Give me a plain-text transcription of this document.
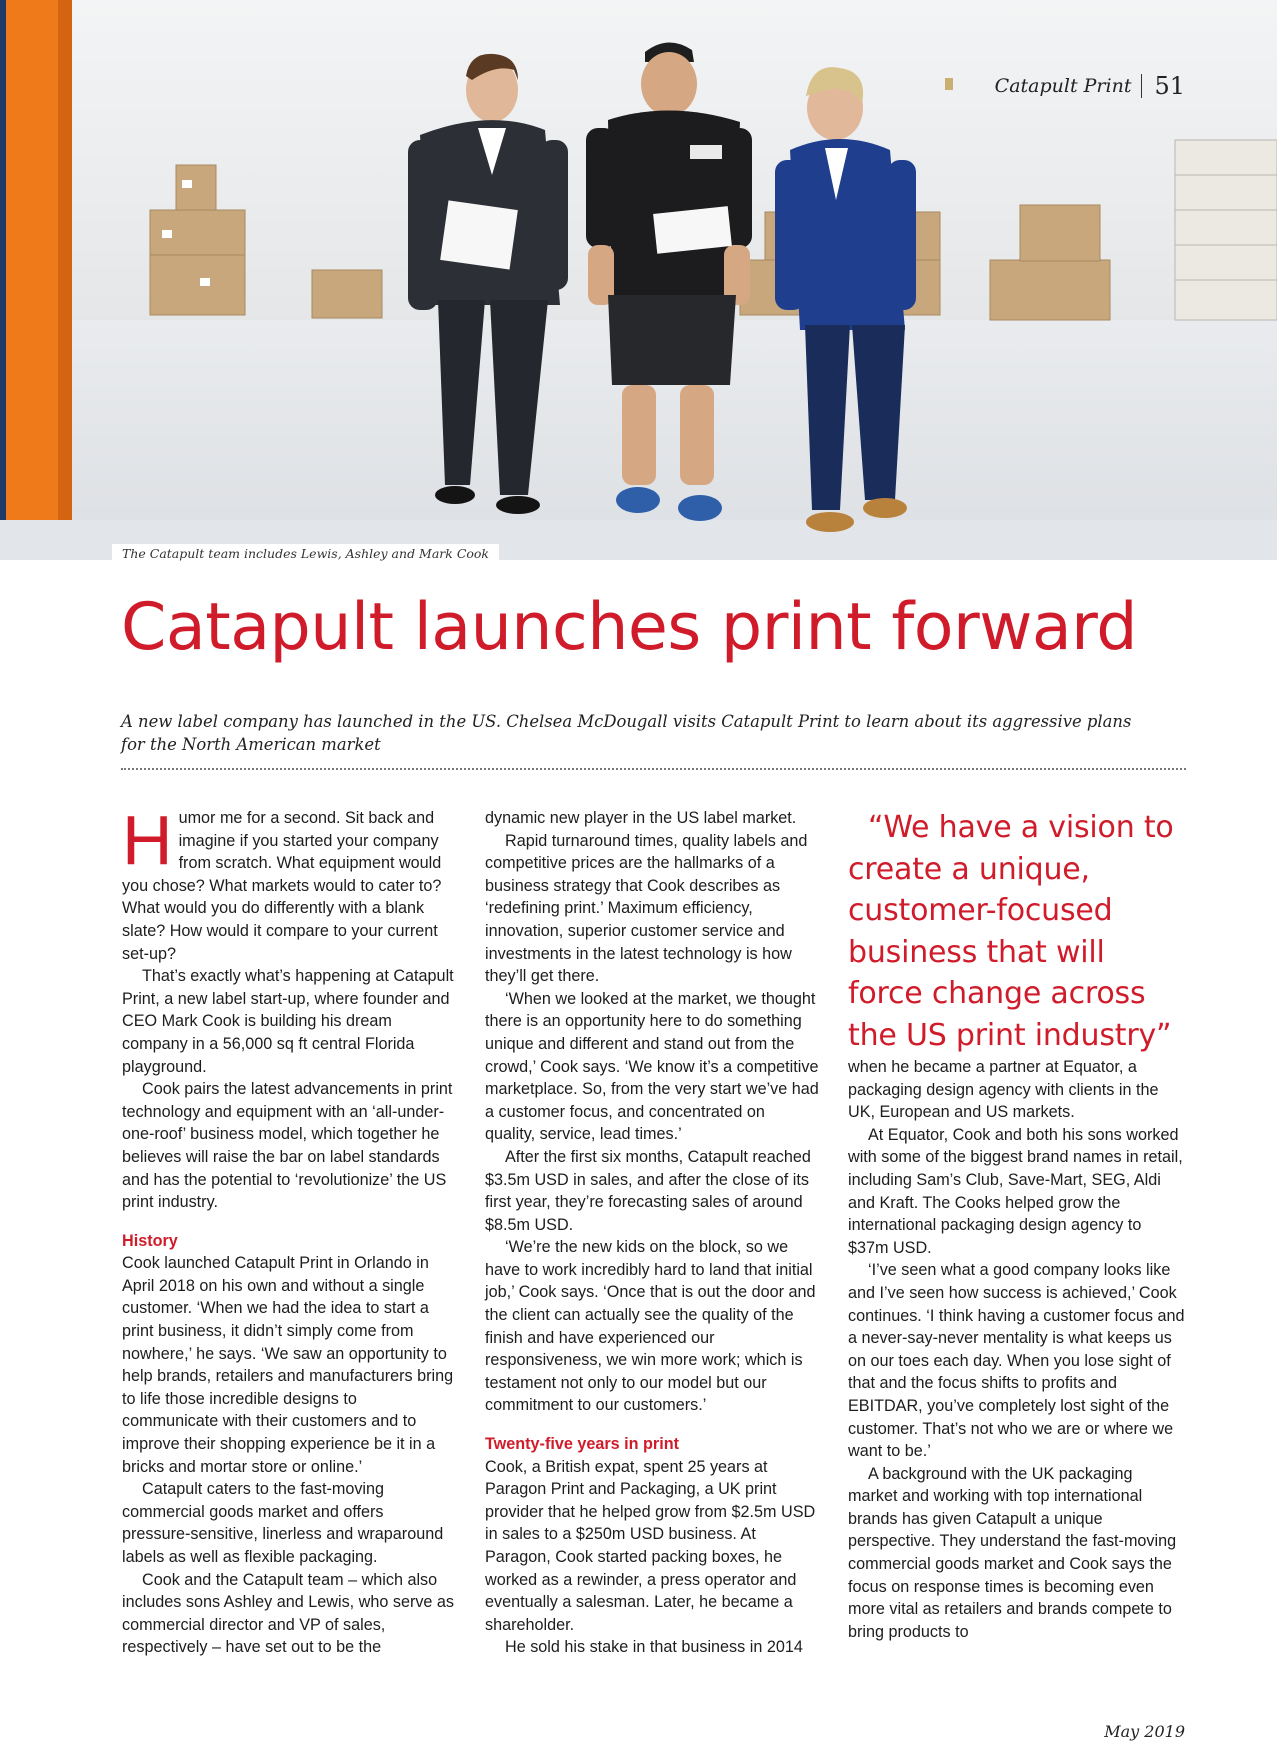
Catapult Print 51
The Catapult team includes Lewis, Ashley and Mark Cook
Catapult launches print forward

A new label company has launched in the US. Chelsea McDougall visits Catapult Print to learn about its aggressive plans for the North American market

Humor me for a second. Sit back and imagine if you started your company from scratch. What equipment would you chose? What markets would to cater to? What would you do differently with a blank slate? How would it compare to your current set-up?

That’s exactly what’s happening at Catapult Print, a new label start-up, where founder and CEO Mark Cook is building his dream company in a 56,000 sq ft central Florida playground.

Cook pairs the latest advancements in print technology and equipment with an ‘all-under-one-roof’ business model, which together he believes will raise the bar on label standards and has the potential to ‘revolutionize’ the US print industry.

History

Cook launched Catapult Print in Orlando in April 2018 on his own and without a single customer. ‘When we had the idea to start a print business, it didn’t simply come from nowhere,’ he says. ‘We saw an opportunity to help brands, retailers and manufacturers bring to life those incredible designs to communicate with their customers and to improve their shopping experience be it in a bricks and mortar store or online.’

Catapult caters to the fast-moving commercial goods market and offers pressure-sensitive, linerless and wraparound labels as well as flexible packaging.

Cook and the Catapult team – which also includes sons Ashley and Lewis, who serve as commercial director and VP of sales, respectively – have set out to be the

dynamic new player in the US label market.

Rapid turnaround times, quality labels and competitive prices are the hallmarks of a business strategy that Cook describes as ‘redefining print.’ Maximum efficiency, innovation, superior customer service and investments in the latest technology is how they’ll get there.

‘When we looked at the market, we thought there is an opportunity here to do something unique and different and stand out from the crowd,’ Cook says. ‘We know it’s a competitive marketplace. So, from the very start we’ve had a customer focus, and concentrated on quality, service, lead times.’

After the first six months, Catapult reached $3.5m USD in sales, and after the close of its first year, they’re forecasting sales of around $8.5m USD.

‘We’re the new kids on the block, so we have to work incredibly hard to land that initial job,’ Cook says. ‘Once that is out the door and the client can actually see the quality of the finish and have experienced our responsiveness, we win more work; which is testament not only to our model but our commitment to our customers.’

Twenty-five years in print

Cook, a British expat, spent 25 years at Paragon Print and Packaging, a UK print provider that he helped grow from $2.5m USD in sales to a $250m USD business. At Paragon, Cook started packing boxes, he worked as a rewinder, a press operator and eventually a salesman. Later, he became a shareholder.

He sold his stake in that business in 2014

“We have a vision to create a unique, customer-focused business that will force change across the US print industry”

when he became a partner at Equator, a packaging design agency with clients in the UK, European and US markets.

At Equator, Cook and both his sons worked with some of the biggest brand names in retail, including Sam’s Club, Save-Mart, SEG, Aldi and Kraft. The Cooks helped grow the international packaging design agency to $37m USD.

‘I’ve seen what a good company looks like and I’ve seen how success is achieved,’ Cook continues. ‘I think having a customer focus and a never-say-never mentality is what keeps us on our toes each day. When you lose sight of that and the focus shifts to profits and EBITDAR, you’ve completely lost sight of the customer. That’s not who we are or where we want to be.’

A background with the UK packaging market and working with top international brands has given Catapult a unique perspective. They understand the fast-moving commercial goods market and Cook says the focus on response times is becoming even more vital as retailers and brands compete to bring products to

May 2019
